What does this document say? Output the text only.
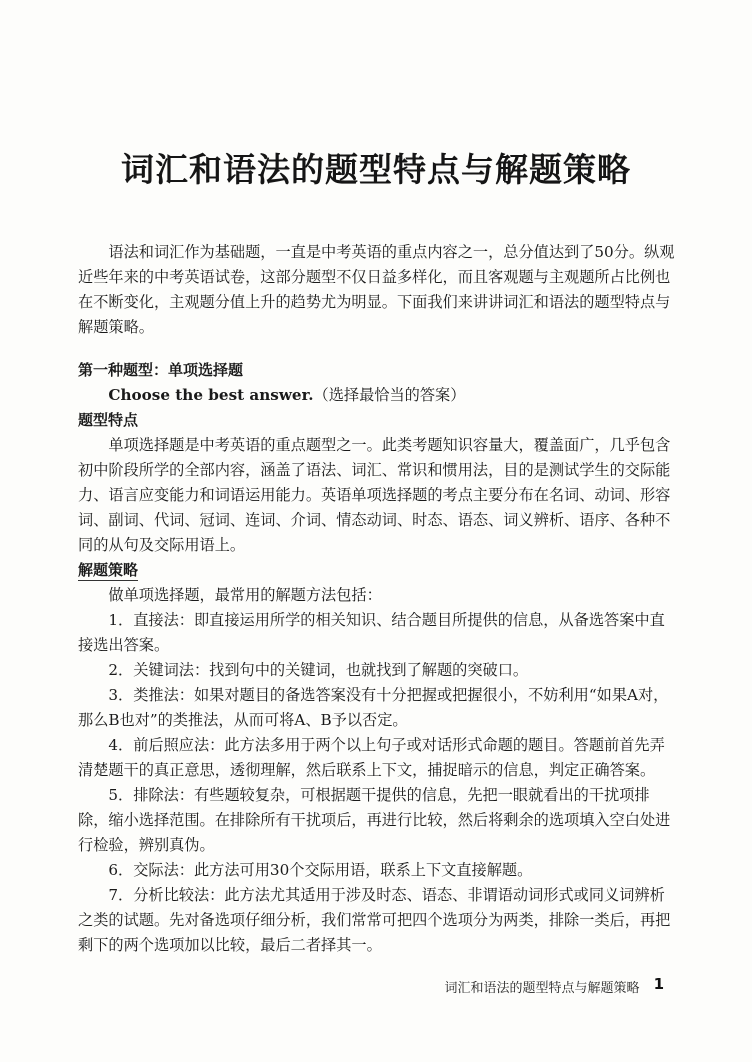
词汇和语法的题型特点与解题策略

语法和词汇作为基础题，一直是中考英语的重点内容之一，总分值达到了50分。纵观近些年来的中考英语试卷，这部分题型不仅日益多样化，而且客观题与主观题所占比例也在不断变化，主观题分值上升的趋势尤为明显。下面我们来讲讲词汇和语法的题型特点与解题策略。

第一种题型：单项选择题

Choose the best answer.（选择最恰当的答案）

题型特点

单项选择题是中考英语的重点题型之一。此类考题知识容量大，覆盖面广，几乎包含初中阶段所学的全部内容，涵盖了语法、词汇、常识和惯用法，目的是测试学生的交际能力、语言应变能力和词语运用能力。英语单项选择题的考点主要分布在名词、动词、形容词、副词、代词、冠词、连词、介词、情态动词、时态、语态、词义辨析、语序、各种不同的从句及交际用语上。

解题策略

做单项选择题，最常用的解题方法包括：

1．直接法：即直接运用所学的相关知识、结合题目所提供的信息，从备选答案中直接选出答案。

2．关键词法：找到句中的关键词，也就找到了解题的突破口。

3．类推法：如果对题目的备选答案没有十分把握或把握很小，不妨利用“如果A对，那么B也对”的类推法，从而可将A、B予以否定。

4．前后照应法：此方法多用于两个以上句子或对话形式命题的题目。答题前首先弄清楚题干的真正意思，透彻理解，然后联系上下文，捕捉暗示的信息，判定正确答案。

5．排除法：有些题较复杂，可根据题干提供的信息，先把一眼就看出的干扰项排除，缩小选择范围。在排除所有干扰项后，再进行比较，然后将剩余的选项填入空白处进行检验，辨别真伪。

6．交际法：此方法可用30个交际用语，联系上下文直接解题。

7．分析比较法：此方法尤其适用于涉及时态、语态、非谓语动词形式或同义词辨析之类的试题。先对备选项仔细分析，我们常常可把四个选项分为两类，排除一类后，再把剩下的两个选项加以比较，最后二者择其一。

词汇和语法的题型特点与解题策略 1
